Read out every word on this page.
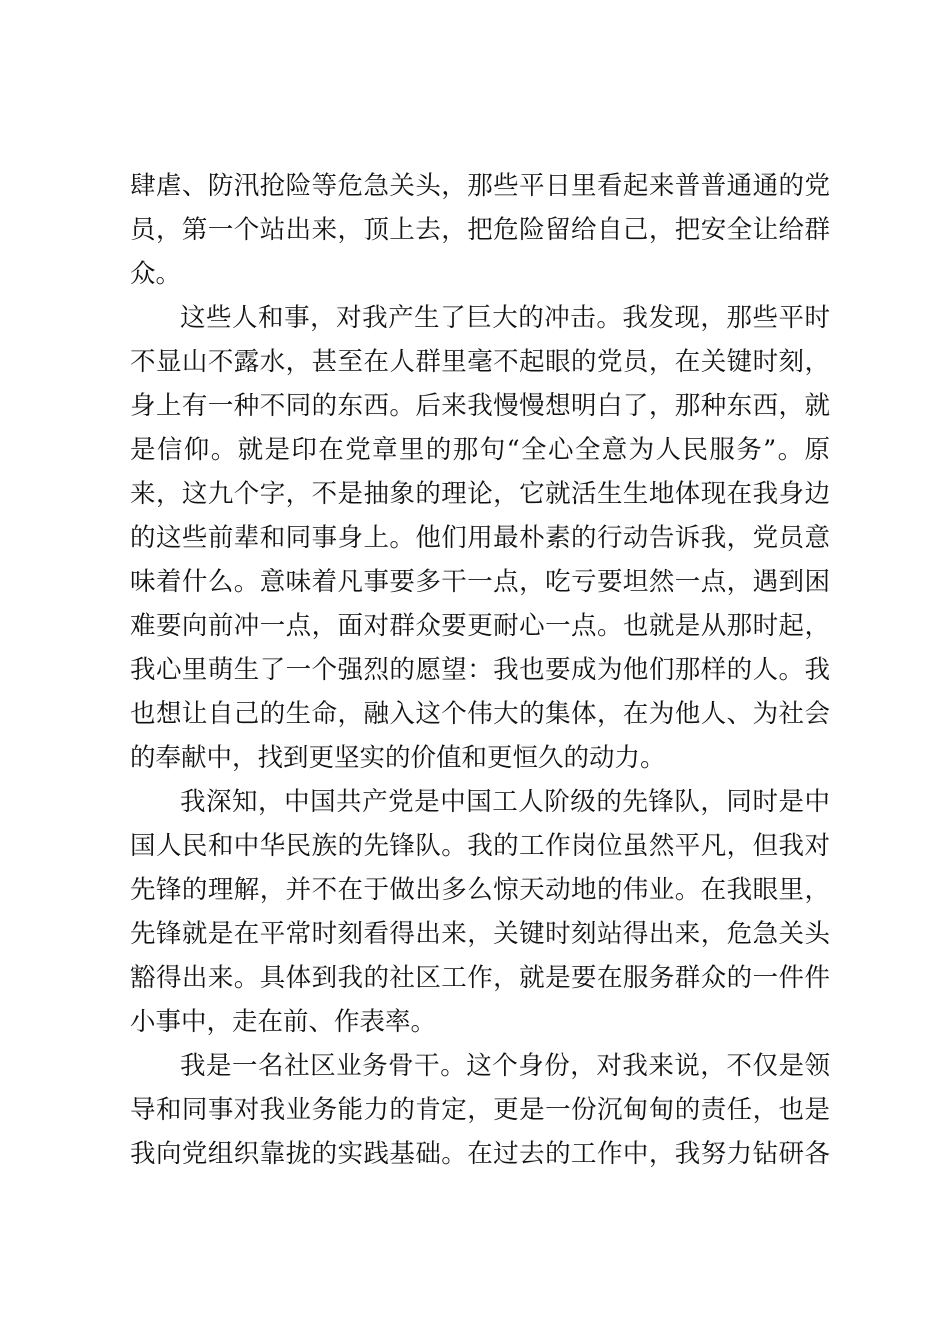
肆虐、防汛抢险等危急关头，那些平日里看起来普普通通的党
员，第一个站出来，顶上去，把危险留给自己，把安全让给群
众。
这些人和事，对我产生了巨大的冲击。我发现，那些平时
不显山不露水，甚至在人群里毫不起眼的党员，在关键时刻，
身上有一种不同的东西。后来我慢慢想明白了，那种东西，就
是信仰。就是印在党章里的那句“全心全意为人民服务”。原
来，这九个字，不是抽象的理论，它就活生生地体现在我身边
的这些前辈和同事身上。他们用最朴素的行动告诉我，党员意
味着什么。意味着凡事要多干一点，吃亏要坦然一点，遇到困
难要向前冲一点，面对群众要更耐心一点。也就是从那时起，
我心里萌生了一个强烈的愿望：我也要成为他们那样的人。我
也想让自己的生命，融入这个伟大的集体，在为他人、为社会
的奉献中，找到更坚实的价值和更恒久的动力。
我深知，中国共产党是中国工人阶级的先锋队，同时是中
国人民和中华民族的先锋队。我的工作岗位虽然平凡，但我对
先锋的理解，并不在于做出多么惊天动地的伟业。在我眼里，
先锋就是在平常时刻看得出来，关键时刻站得出来，危急关头
豁得出来。具体到我的社区工作，就是要在服务群众的一件件
小事中，走在前、作表率。
我是一名社区业务骨干。这个身份，对我来说，不仅是领
导和同事对我业务能力的肯定，更是一份沉甸甸的责任，也是
我向党组织靠拢的实践基础。在过去的工作中，我努力钻研各
